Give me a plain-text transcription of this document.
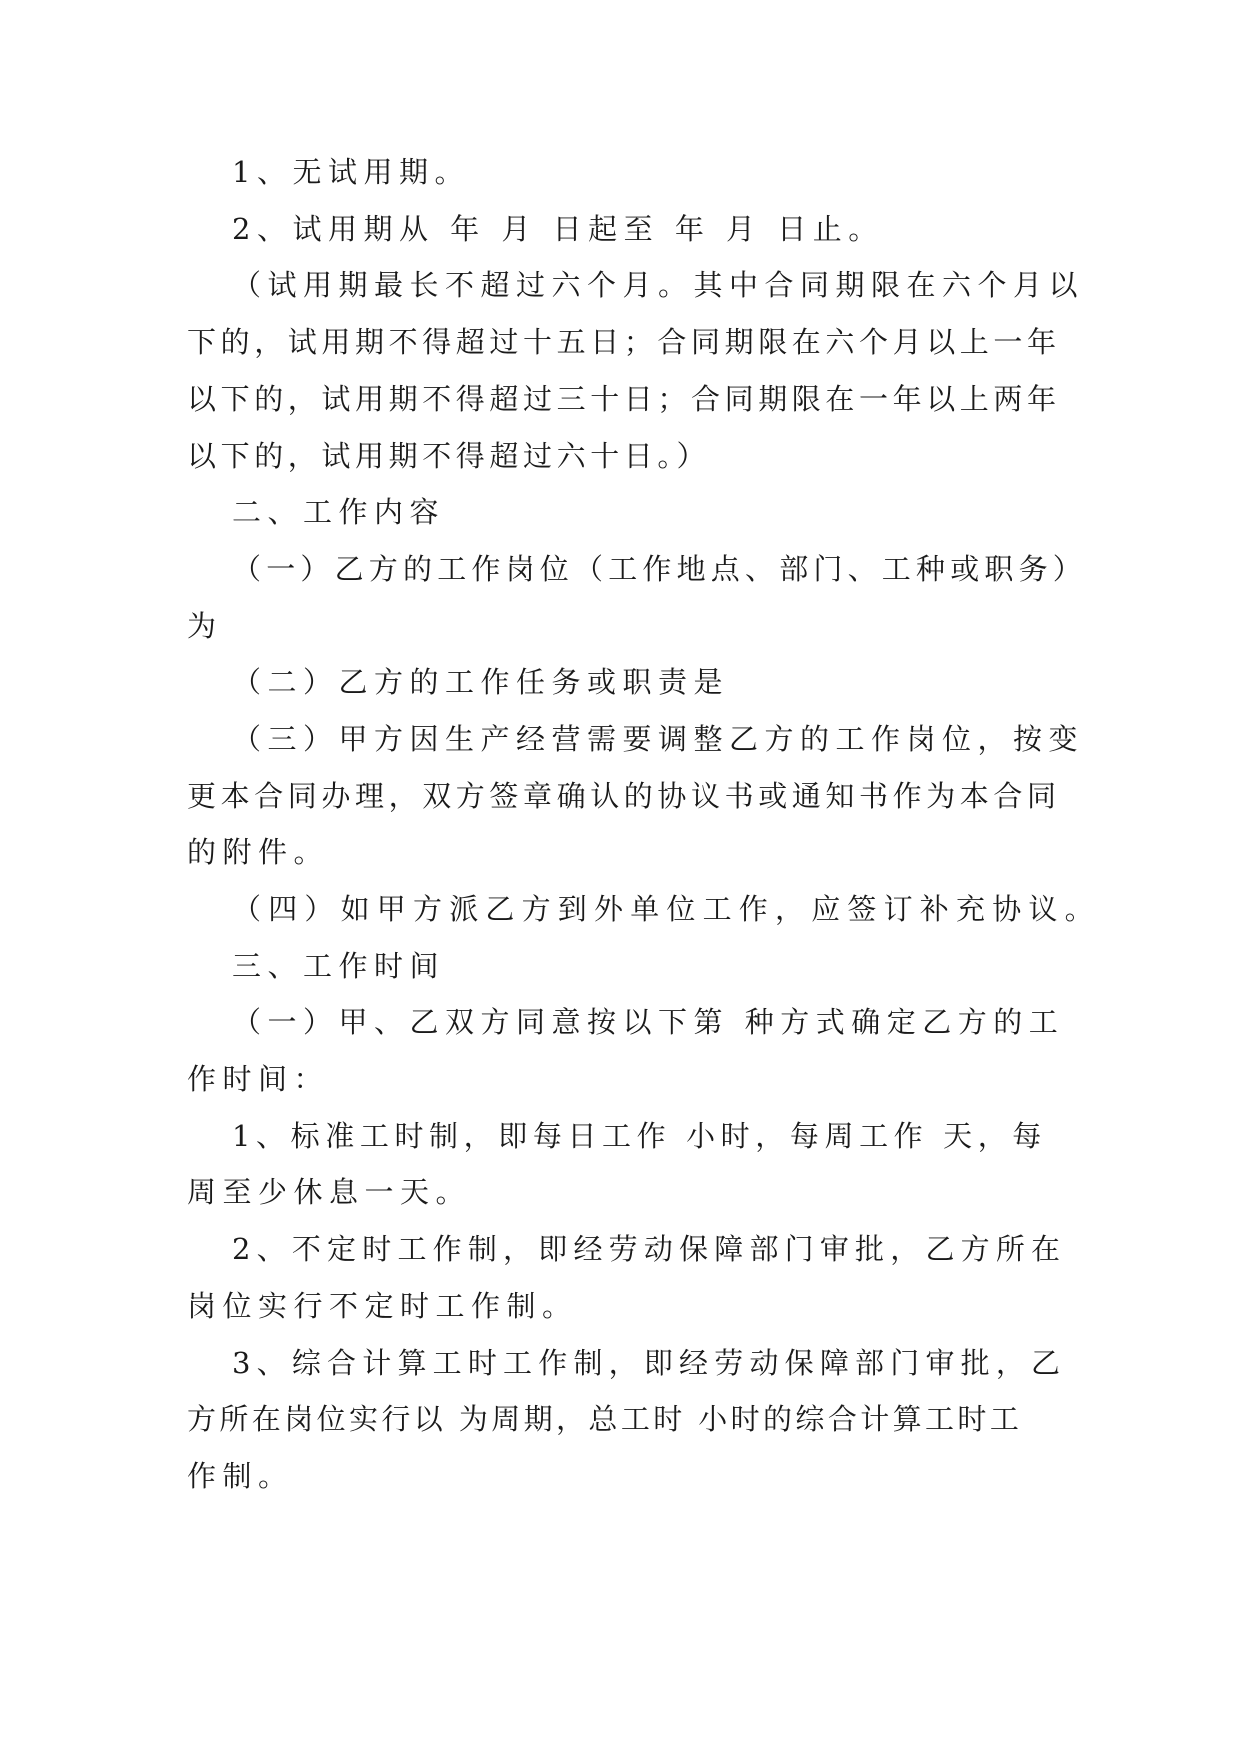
1、无试用期。
2、试用期从 年 月 日起至 年 月 日止。
（试用期最长不超过六个月。其中合同期限在六个月以
下的，试用期不得超过十五日；合同期限在六个月以上一年
以下的，试用期不得超过三十日；合同期限在一年以上两年
以下的，试用期不得超过六十日。）
二、工作内容
（一）乙方的工作岗位（工作地点、部门、工种或职务）
为
（二）乙方的工作任务或职责是
（三）甲方因生产经营需要调整乙方的工作岗位，按变
更本合同办理，双方签章确认的协议书或通知书作为本合同
的附件。
（四）如甲方派乙方到外单位工作，应签订补充协议。
三、工作时间
（一）甲、乙双方同意按以下第 种方式确定乙方的工
作时间：
1、标准工时制，即每日工作 小时，每周工作 天，每
周至少休息一天。
2、不定时工作制，即经劳动保障部门审批，乙方所在
岗位实行不定时工作制。
3、综合计算工时工作制，即经劳动保障部门审批，乙
方所在岗位实行以 为周期，总工时 小时的综合计算工时工
作制。
